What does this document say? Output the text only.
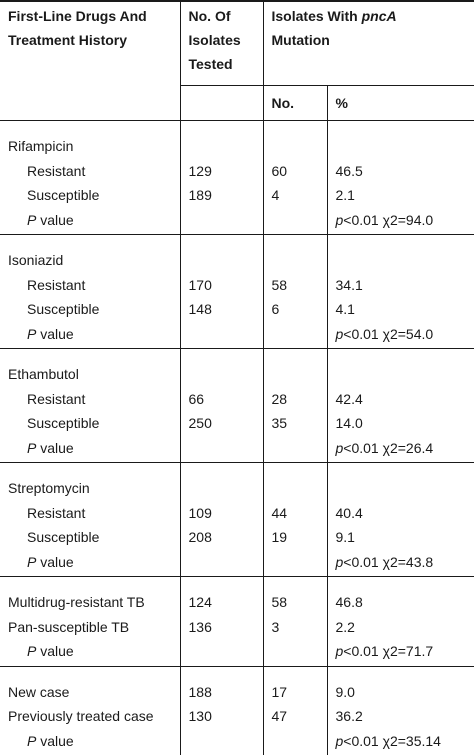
First-Line Drugs And
Treatment History	No. Of
Isolates
Tested	Isolates With pncA
Mutation	
		No.	%
Rifampicin			
Resistant	129	60	46.5
Susceptible	189	4	2.1
P value			p<0.01 χ2=94.0
Isoniazid			
Resistant	170	58	34.1
Susceptible	148	6	4.1
P value			p<0.01 χ2=54.0
Ethambutol			
Resistant	66	28	42.4
Susceptible	250	35	14.0
P value			p<0.01 χ2=26.4
Streptomycin			
Resistant	109	44	40.4
Susceptible	208	19	9.1
P value			p<0.01 χ2=43.8
Multidrug-resistant TB	124	58	46.8
Pan-susceptible TB	136	3	2.2
P value			p<0.01 χ2=71.7
New case	188	17	9.0
Previously treated case	130	47	36.2
P value			p<0.01 χ2=35.14
